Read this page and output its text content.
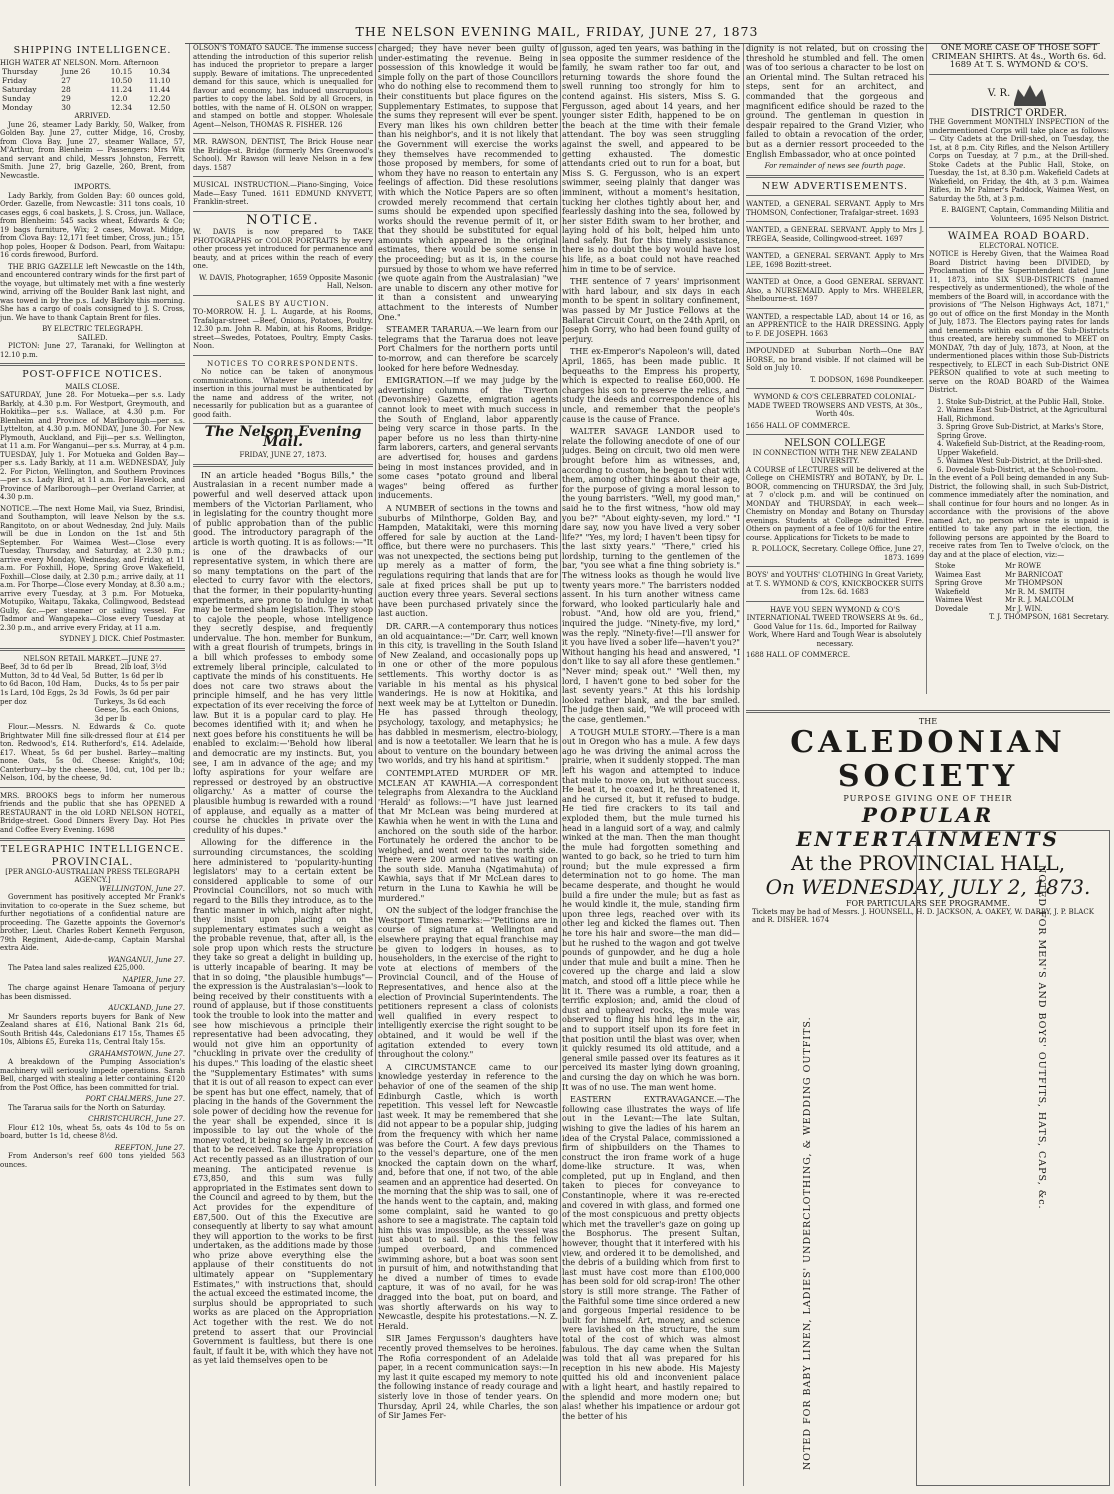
THE NELSON EVENING MAIL, FRIDAY, JUNE 27, 1873
SHIPPING INTELLIGENCE.
HIGH WATER AT NELSON. Morn. Afternoon
Thursday	June 26	10.15	10.34
Friday	27	10.50	11.10
Saturday	28	11.24	11.44
Sunday	29	12.0	12.20
Monday	30	12.34	12.50
ARRIVED.

June 26, steamer Lady Barkly, 50, Walker, from Golden Bay. June 27, cutter Midge, 16, Crosby, from Clova Bay. June 27, steamer Wallace, 57, M'Arthur, from Blenheim — Passengers: Mrs Wix and servant and child, Messrs Johnston, Ferrett, Smith. June 27, brig Gazelle, 260, Brent, from Newcastle.

IMPORTS.

Lady Barkly, from Golden Bay: 60 ounces gold, Order. Gazelle, from Newcastle: 311 tons coals, 10 cases eggs, 6 coal baskets, J. S. Cross, jun. Wallace, from Blenheim: 545 sacks wheat, Edwards & Co; 19 bags furniture, Wix; 2 cases, Mowat. Midge, from Clova Bay: 12,171 feet timber, Cross, jun.; 151 hop poles, Hooper & Dodson. Pearl, from Waitapu: 16 cords firewood, Burford.

THE BRIG GAZELLE left Newcastle on the 14th, and encountered contrary winds for the first part of the voyage, but ultimately met with a fine westerly wind, arriving off the Boulder Bank last night, and was towed in by the p.s. Lady Barkly this morning. She has a cargo of coals consigned to J. S. Cross, jun. We have to thank Captain Brent for files.

BY ELECTRIC TELEGRAPH.
SAILED.

PICTON: June 27, Taranaki, for Wellington at 12.10 p.m.

POST-OFFICE NOTICES.
MAILS CLOSE.

SATURDAY, June 28. For Motueka—per s.s. Lady Barkly, at 4.30 p.m. For Westport, Greymouth, and Hokitika—per s.s. Wallace, at 4.30 p.m. For Blenheim and Province of Marlborough—per s.s. Lyttelton, at 4.30 p.m. MONDAY, June 30. For New Plymouth, Auckland, and Fiji—per s.s. Wellington, at 11 a.m. For Wanganui—per s.s. Murray, at 4 p.m. TUESDAY, July 1. For Motueka and Golden Bay—per s.s. Lady Barkly, at 11 a.m. WEDNESDAY, July 2. For Picton, Wellington, and Southern Provinces —per s.s. Lady Bird, at 11 a.m. For Havelock, and Province of Marlborough—per Overland Carrier, at 4.30 p.m.

NOTICE.—The next Home Mail, via Suez, Brindisi, and Southampton, will leave Nelson by the s.s. Rangitoto, on or about Wednesday, 2nd July. Mails will be due in London on the 1st and 5th September. For Waimea West—Close every Tuesday, Thursday, and Saturday, at 2.30 p.m.; arrive every Monday, Wednesday, and Friday, at 11 a.m. For Foxhill, Hope, Spring Grove Wakefield, Foxhill—Close daily, at 2.30 p.m.; arrive daily, at 11 a.m. For Thorpe—Close every Monday, at 8.30 a.m.; arrive every Tuesday, at 3 p.m. For Motueka, Motupiko, Waitapu, Takaka, Collingwood, Bedstead Gully, &c.—per steamer or sailing vessel. For Tadmor and Wangapeka—Close every Tuesday at 2.30 p.m., and arrive every Friday, at 11 a.m.

SYDNEY J. DICK. Chief Postmaster.
NELSON RETAIL MARKET.—JUNE 27.
Beef, 3d to 6d per lb Mutton, 3d to 4d Veal, 5d to 6d Bacon, 10d Ham, 1s Lard, 10d Eggs, 2s 3d per doz
Bread, 2lb loaf, 3½d Butter, 1s 6d per lb Ducks, 4s to 5s per pair Fowls, 3s 6d per pair Turkeys, 3s 6d each Geese, 5s. each Onions, 3d per lb

Flour.—Messrs. N. Edwards & Co. quote Brightwater Mill fine silk-dressed flour at £14 per ton. Redwood's, £14. Rutherford's, £14. Adelaide, £17. Wheat, 5s 6d per bushel. Barley—malting none. Oats, 5s 0d. Cheese: Knight's, 10d; Canterbury—by the cheese, 10d, cut, 10d per lb.; Nelson, 10d, by the cheese, 9d.

MRS. BROOKS begs to inform her numerous friends and the public that she has OPENED A RESTAURANT in the old LORD NELSON HOTEL, Bridge-street. Good Dinners Every Day. Hot Pies and Coffee Every Evening. 1698

TELEGRAPHIC INTELLIGENCE.
PROVINCIAL.
[PER ANGLO-AUSTRALIAN PRESS TELEGRAPH AGENCY.]
WELLINGTON, June 27.

Government has positively accepted Mr Frank's invitation to co-operate in the Suez scheme, but further negotiations of a confidential nature are proceeding. The Gazette appoints the Governor's brother, Lieut. Charles Robert Kenneth Ferguson, 79th Regiment, Aide-de-camp, Captain Marshal extra Aide.

WANGANUI, June 27.

The Patea land sales realized £25,000.

NAPIER, June 27.

The charge against Henare Tamoana of perjury has been dismissed.

AUCKLAND, June 27.

Mr Saunders reports buyers for Bank of New Zealand shares at £16, National Bank 21s 6d, South British 44s, Caledonians £17 15s, Thames £5 10s, Albions £5, Eureka 11s, Central Italy 15s.

GRAHAMSTOWN, June 27.

A breakdown of the Pumping Association's machinery will seriously impede operations. Sarah Bell, charged with stealing a letter containing £120 from the Post Office, has been committed for trial.

PORT CHALMERS, June 27.

The Tararua sails for the North on Saturday.

CHRISTCHURCH, June 27.

Flour £12 10s, wheat 5s, oats 4s 10d to 5s on board, butter 1s 1d, cheese 8½d.

REEFTON, June 27.

From Anderson's reef 600 tons yielded 563 ounces.

OLSON'S TOMATO SAUCE. The immense success attending the introduction of this superior relish has induced the proprietor to prepare a larger supply. Beware of imitations. The unprecedented demand for this sauce, which is unequalled for flavour and economy, has induced unscrupulous parties to copy the label. Sold by all Grocers, in bottles, with the name of H. OLSON on wrapper, and stamped on bottle and stopper. Wholesale Agent—Nelson, THOMAS R. FISHER. 126

MR. RAWSON, DENTIST, The Brick House near the Bridge-st. Bridge (formerly Mrs Greenwood's School). Mr Rawson will leave Nelson in a few days. 1587

MUSICAL INSTRUCTION.—Piano-Singing, Voice Made—Easy Tuned. 1611 EDMUND KNYVETT, Franklin-street.

NOTICE.

W. DAVIS is now prepared to TAKE PHOTOGRAPHS or COLOR PORTRAITS by every other process yet introduced for permanence and beauty, and at prices within the reach of every one.

W. DAVIS, Photographer, 1659 Opposite Masonic Hall, Nelson.
SALES BY AUCTION.

TO-MORROW. H. J. L. Augarde, at his Rooms, Trafalgar-street —Beef, Onions, Potatoes, Poultry. 12.30 p.m. John R. Mabin, at his Rooms, Bridge-street—Swedes, Potatoes, Poultry, Empty Casks. Noon.

NOTICES TO CORRESPONDENTS.

No notice can be taken of anonymous communications. Whatever is intended for insertion in this journal must be authenticated by the name and address of the writer, not necessarily for publication but as a guarantee of good faith.

The Nelson Evening Mail.
FRIDAY, JUNE 27, 1873.

IN an article headed "Bogus Bills," the Australasian in a recent number made a powerful and well deserved attack upon members of the Victorian Parliament, who in legislating for the country thought more of public approbation than of the public good. The introductory paragraph of the article is worth quoting. It is as follows:—"It is one of the drawbacks of our representative system, in which there are so many temptations on the part of the elected to curry favor with the electors, that the former, in their popularity-hunting experiments, are prone to indulge in what may be termed sham legislation. They stoop to cajole the people, whose intelligence they secretly despise, and frequently undervalue. The hon. member for Bunkum, with a great flourish of trumpets, brings in a bill which professes to embody some extremely liberal principle, calculated to captivate the minds of his constituents. He does not care two straws about the principle himself, and he has very little expectation of its ever receiving the force of law. But it is a popular card to play. He becomes identified with it; and when he next goes before his constituents he will be enabled to exclaim:—'Behold how liberal and democratic are my instincts. But, you see, I am in advance of the age; and my lofty aspirations for your welfare are repressed or destroyed by an obstructive oligarchy.' As a matter of course the plausible humbug is rewarded with a round of applause, and equally as a matter of course he chuckles in private over the credulity of his dupes."

Allowing for the difference in the surrounding circumstances, the scolding here administered to 'popularity-hunting legislators' may to a certain extent be considered applicable to some of our Provincial Councillors, not so much with regard to the Bills they introduce, as to the frantic manner in which, night after night, they insist upon placing on the supplementary estimates such a weight as the probable revenue, that, after all, is the sole prop upon which rests the structure they take so great a delight in building up, is utterly incapable of bearing. It may be that in so doing, "the plausible humbugs"—the expression is the Australasian's—look to being received by their constituents with a round of applause, but if those constituents took the trouble to look into the matter and see how mischievous a principle their representative had been advocating, they would not give him an opportunity of "chuckling in private over the credulity of his dupes." This loading of the elastic sheet the "Supplementary Estimates" with sums that it is out of all reason to expect can ever be spent has but one effect, namely, that of placing in the hands of the Government the sole power of deciding how the revenue for the year shall be expended, since it is impossible to lay out the whole of the money voted, it being so largely in excess of that to be received. Take the Appropriation Act recently passed as an illustration of our meaning. The anticipated revenue is £73,850, and this sum was fully appropriated in the Estimates sent down to the Council and agreed to by them, but the Act provides for the expenditure of £87,500. Out of this the Executive are consequently at liberty to say what amount they will apportion to the works to be first undertaken, as the additions made by those who prize above everything else the applause of their constituents do not ultimately appear on "Supplementary Estimates," with instructions that, should the actual exceed the estimated income, the surplus should be appropriated to such works as are placed on the Appropriation Act together with the rest. We do not pretend to assert that our Provincial Government is faultless, but there is one fault, if fault it be, with which they have not as yet laid themselves open to be

charged; they have never been guilty of under-estimating the revenue. Being in possession of this knowledge it would be simple folly on the part of those Councillors who do nothing else to recommend them to their constituents but place figures on the Supplementary Estimates, to suppose that the sums they represent will ever be spent. Every man likes his own children better than his neighbor's, and it is not likely that the Government will exercise the works they themselves have recommended to those proposed by members, for some of whom they have no reason to entertain any feelings of affection. Did these resolutions with which the Notice Papers are so often crowded merely recommend that certain sums should be expended upon specified works should the revenue permit of it, or that they should be substituted for equal amounts which appeared in the original estimates, there would be some sense in the proceeding; but as it is, in the course pursued by those to whom we have referred (we quote again from the Australasian) "we are unable to discern any other motive for it than a consistent and unwearying attachment to the interests of Number One."

STEAMER TARARUA.—We learn from our telegrams that the Tararua does not leave Port Chalmers for the northern ports until to-morrow, and can therefore be scarcely looked for here before Wednesday.

EMIGRATION.—If we may judge by the advertising columns of the Tiverton (Devonshire) Gazette, emigration agents cannot look to meet with much success in the South of England, labor apparently being very scarce in those parts. In the paper before us no less than thirty-nine farm laborers, carters, and general servants are advertised for, houses and gardens being in most instances provided, and in some cases "potato ground and liberal wages" being offered as further inducements.

A NUMBER of sections in the towns and suburbs of Milnthorpe, Golden Bay, and Hampden, Matakitaki, were this morning offered for sale by auction at the Land-office, but there were no purchasers. This was not unexpected, the sections being put up merely as a matter of form, the regulations requiring that lands that are for sale at fixed prices shall be put up to auction every three years. Several sections have been purchased privately since the last auction.

DR. CARR.—A contemporary thus notices an old acquaintance:—"Dr. Carr, well known in this city, is travelling in the South Island of New Zealand, and occasionally pops up in one or other of the more populous settlements. This worthy doctor is as variable in his mental as his physical wanderings. He is now at Hokitika, and next week may be at Lyttelton or Dunedin. He has passed through theology, psychology, taxology, and metaphysics; he has dabbled in mesmerism, electro-biology, and is now a teetotaller. We learn that he is about to venture on the boundary between two worlds, and try his hand at spiritism."

CONTEMPLATED MURDER OF MR. MCLEAN AT KAWHIA.—A correspondent telegraphs from Alexandra to the Auckland 'Herald' as follows:—"I have just learned that Mr McLean was being murdered at Kawhia when he went in with the Luna and anchored on the south side of the harbor. Fortunately he ordered the anchor to be weighed, and went over to the north side. There were 200 armed natives waiting on the south side. Manuha (Ngatimahuta) of Kawhia, says that if Mr McLean dares to return in the Luna to Kawhia he will be murdered."

ON the subject of the lodger franchise the Westport Times remarks:—"Petitions are in course of signature at Wellington and elsewhere praying that equal franchise may be given to lodgers in houses, as to householders, in the exercise of the right to vote at elections of members of the Provincial Council, and of the House of Representatives, and hence also at the election of Provincial Superintendents. The petitioners represent a class of colonists well qualified in every respect to intelligently exercise the right sought to be obtained, and it would be well if the agitation extended to every town throughout the colony."

A CIRCUMSTANCE came to our knowledge yesterday in reference to the behavior of one of the seamen of the ship Edinburgh Castle, which is worth repetition. This vessel left for Newcastle last week. It may be remembered that she did not appear to be a popular ship, judging from the frequency with which her name was before the Court. A few days previous to the vessel's departure, one of the men knocked the captain down on the wharf, and, before that one, if not two, of the able seamen and an apprentice had deserted. On the morning that the ship was to sail, one of the hands went to the captain, and, making some complaint, said he wanted to go ashore to see a magistrate. The captain told him this was impossible, as the vessel was just about to sail. Upon this the fellow jumped overboard, and commenced swimming ashore, but a boat was soon sent in pursuit of him, and notwithstanding that he dived a number of times to evade capture, it was of no avail, for he was dragged into the boat, put on board, and was shortly afterwards on his way to Newcastle, despite his protestations.—N. Z. Herald.

SIR James Fergusson's daughters have recently proved themselves to be heroines. The Rofia correspondent of an Adelaide paper, in a recent communication says:—In my last it quite escaped my memory to note the following instance of ready courage and sisterly love in those of tender years. On Thursday, April 24, while Charles, the son of Sir James Fer-

gusson, aged ten years, was bathing in the sea opposite the summer residence of the family, he swam rather too far out, and returning towards the shore found the swell running too strongly for him to contend against. His sisters, Miss S. G. Fergusson, aged about 14 years, and her younger sister Edith, happened to be on the beach at the time with their female attendant. The boy was seen struggling against the swell, and appeared to be getting exhausted. The domestic attendants cried out to run for a boat, but Miss S. G. Fergusson, who is an expert swimmer, seeing plainly that danger was imminent, without a moment's hesitation, tucking her clothes tightly about her, and fearlessly dashing into the sea, followed by her sister Edith swam to her brother, and laying hold of his bolt, helped him unto land safely. But for this timely assistance, there is no doubt the boy would have lost his life, as a boat could not have reached him in time to be of service.

THE sentence of 7 years' imprisonment with hard labour, and six days in each month to be spent in solitary confinement, was passed by Mr Justice Fellows at the Ballarat Circuit Court, on the 24th April, on Joseph Gorry, who had been found guilty of perjury.

THE ex-Emperor's Napoleon's will, dated April, 1865, has been made public. It bequeaths to the Empress his property, which is expected to realise £60,000. He charges his son to preserve the relics, and study the deeds and correspondence of his uncle, and remember that the people's cause is the cause of France.

WALTER SAVAGE LANDOR used to relate the following anecdote of one of our judges. Being on circuit, two old men were brought before him as witnesses, and, according to custom, he began to chat with them, among other things about their age, for the purpose of giving a moral lesson to the young barristers. "Well, my good man," said he to the first witness, "how old may you be?" "About eighty-seven, my lord." "I dare say, now you have lived a very sober life?" "Yes, my lord; I haven't been tipsy for the last sixty years." "There," cried his lordship, turning to the gentlemen of the bar, "you see what a fine thing sobriety is." The witness looks as though he would live twenty years more." The barristers nodded assent. In his turn another witness came forward, who looked particularly hale and robust. "And, how old are you, friend," inquired the judge. "Ninety-five, my lord," was the reply. "Ninety-five!—I'll answer for it you have lived a sober life—haven't you?" Without hanging his head and answered, "I don't like to say all afore these gentlemen." "Never mind; speak out." "Well then, my lord, I haven't gone to bed sober for the last seventy years." At this his lordship looked rather blank, and the bar smiled. The judge then said, "We will proceed with the case, gentlemen."

A TOUGH MULE STORY.—There is a man out in Oregon who has a mule. A few days ago he was driving the animal across the prairie, when it suddenly stopped. The man left his wagon and attempted to induce that mule to move on, but without success. He beat it, he coaxed it, he threatened it, and he cursed it, but it refused to budge. He tied fire crackers to its tail and exploded them, but the mule turned his head in a languid sort of a way, and calmly winked at the man. Then the man thought the mule had forgotten something and wanted to go back, so he tried to turn him round; but the mule expressed a firm determination not to go home. The man became desperate, and thought he would build a fire under the mule; but as fast as he would kindle it, the mule, standing firm upon three legs, reached over with its other leg and kicked the flames out. Then he tore his hair and swore—the man did—but he rushed to the wagon and got twelve pounds of gunpowder, and he dug a hole under that mule and built a mine. Then he covered up the charge and laid a slow match, and stood off a little piece while he lit it. There was a rumble, a roar, then a terrific explosion; and, amid the cloud of dust and upheaved rocks, the mule was observed to fling his hind legs in the air, and to support itself upon its fore feet in that position until the blast was over, when it quickly resumed its old attitude, and a general smile passed over its features as it perceived its master lying down groaning, and cursing the day on which he was born. It was of no use. The man went home.

EASTERN EXTRAVAGANCE.—The following case illustrates the ways of life out in the Levant:—The late Sultan, wishing to give the ladies of his harem an idea of the Crystal Palace, commissioned a firm of shipbuilders on the Thames to construct the iron frame work of a huge dome-like structure. It was, when completed, put up in England, and then taken to pieces for conveyance to Constantinople, where it was re-erected and covered in with glass, and formed one of the most conspicuous and pretty objects which met the traveller's gaze on going up the Bosphorus. The present Sultan, however, thought that it interfered with his view, and ordered it to be demolished, and the debris of a building which from first to last must have cost more than £100,000 has been sold for old scrap-iron! The other story is still more strange. The Father of the Faithful some time since ordered a new and gorgeous Imperial residence to be built for himself. Art, money, and science were lavished on the structure, the sum total of the cost of which was almost fabulous. The day came when the Sultan was told that all was prepared for his reception in his new abode. His Majesty quitted his old and inconvenient palace with a light heart, and hastily repaired to the splendid and more modern one; but alas! whether his impatience or ardour got the better of his

dignity is not related, but on crossing the threshold he stumbled and fell. The omen was of too serious a character to be lost on an Oriental mind. The Sultan retraced his steps, sent for an architect, and commanded that the gorgeous and magnificent edifice should be razed to the ground. The gentleman in question in despair repaired to the Grand Vizier, who failed to obtain a revocation of the order, but as a dernier ressort proceeded to the English Embassador, who at once pointed

For remainder of news see fourth page.
NEW ADVERTISEMENTS.

WANTED, a GENERAL SERVANT. Apply to Mrs THOMSON, Confectioner, Trafalgar-street. 1693

WANTED, a GENERAL SERVANT. Apply to Mrs J. TREGEA, Seaside, Collingwood-street. 1697

WANTED, a GENERAL SERVANT. Apply to Mrs LEE, 1698 Bozitt-street.

WANTED at Once, a Good GENERAL SERVANT. Also, a NURSEMAID. Apply to Mrs. WHEELER, Shelbourne-st. 1697

WANTED, a respectable LAD, about 14 or 16, as an APPRENTICE to the HAIR DRESSING. Apply to F. DE JOSEPH. 1663

IMPOUNDED at Suburban North—One BAY HORSE, no brand visible. If not claimed will be Sold on July 10.

T. DODSON, 1698 Poundkeeper.

WYMOND & CO'S CELEBRATED COLONIAL-MADE TWEED TROWSERS AND VESTS, At 30s., Worth 40s.

1656 HALL OF COMMERCE.
NELSON COLLEGE
IN CONNECTION WITH THE NEW ZEALAND UNIVERSITY.

A COURSE of LECTURES will be delivered at the College on CHEMISTRY and BOTANY, by Dr. L. BOOR, commencing on THURSDAY, the 3rd July, at 7 o'clock p.m. and will be continued on MONDAY and THURSDAY, in each week—Chemistry on Monday and Botany on Thursday evenings. Students at College admitted Free. Others on payment of a fee of 10/6 for the entire course. Applications for Tickets to be made to

R. POLLOCK, Secretary. College Office, June 27, 1873. 1699

BOYS' and YOUTHS' CLOTHING In Great Variety, at T. S. WYMOND & CO'S, KNICKBOCKER SUITS from 12s. 6d. 1683

HAVE YOU SEEN WYMOND & CO'S INTERNATIONAL TWEED TROWSERS At 9s. 6d., Good Value for 11s. 6d., Imported for Railway Work, Where Hard and Tough Wear is absolutely necessary.

1688 HALL OF COMMERCE.

ONE MORE CASE OF THOSE SOFT CRIMEAN SHIRTS. At 4s., Worth 6s. 6d. 1689 At T. S. WYMOND & CO'S.

V. R.
DISTRICT ORDER.

THE Government MONTHLY INSPECTION of the undermentioned Corps will take place as follows:— City Cadets at the Drill-shed, on Tuesday, the 1st, at 8 p.m. City Rifles, and the Nelson Artillery Corps on Tuesday, at 7 p.m., at the Drill-shed. Stoke Cadets at the Public Hall, Stoke, on Tuesday, the 1st, at 8.30 p.m. Wakefield Cadets at Wakefield, on Friday, the 4th, at 3 p.m. Waimea Rifles, in Mr Palmer's Paddock, Waimea West, on Saturday the 5th, at 3 p.m.

E. BAIGENT, Captain, Commanding Militia and Volunteers, 1695 Nelson District.
WAIMEA ROAD BOARD.
ELECTORAL NOTICE.

NOTICE is Hereby Given, that the Waimea Road Board District having been DIVIDED, by Proclamation of the Superintendent dated June 11, 1873, into SIX SUB-DISTRICTS (named respectively as undermentioned), the whole of the members of the Board will, in accordance with the provisions of "The Nelson Highways Act, 1871," go out of office on the first Monday in the Month of July, 1873. The Electors paying rates for lands and tenements within each of the Sub-Districts thus created, are hereby summoned to MEET on MONDAY, 7th day of July, 1873, at Noon, at the undermentioned places within those Sub-Districts respectively, to ELECT in each Sub-District ONE PERSON qualified to vote at such meeting to serve on the ROAD BOARD of the Waimea District.

1. Stoke Sub-District, at the Public Hall, Stoke.
2. Waimea East Sub-District, at the Agricultural Hall, Richmond.
3. Spring Grove Sub-District, at Marks's Store, Spring Grove.
4. Wakefield Sub-District, at the Reading-room, Upper Wakefield.
5. Waimea West Sub-District, at the Drill-shed.
6. Dovedale Sub-District, at the School-room.

In the event of a Poll being demanded in any Sub-District, the following shall, in such Sub-District, commence immediately after the nomination, and shall continue for four hours and no longer. As in accordance with the provisions of the above named Act, no person whose rate is unpaid is entitled to take any part in the election, the following persons are appointed by the Board to receive rates from Ten to Twelve o'clock, on the day and at the place of election, viz:—

Stoke	Mr ROWE
Waimea East	Mr BARNICOAT
Spring Grove	Mr THOMPSON
Wakefield	Mr R. M. SMITH
Waimea West	Mr R. J. MALCOLM
Dovedale	Mr J. WIN.
T. J. THOMPSON, 1681 Secretary.
THE
CALEDONIAN SOCIETY
PURPOSE GIVING ONE OF THEIR
POPULAR ENTERTAINMENTS
At the PROVINCIAL HALL,
On WEDNESDAY, JULY 2, 1873.
FOR PARTICULARS SEE PROGRAMME.
Tickets may be had of Messrs. J. HOUNSELL, H. D. JACKSON, A. OAKEY, W. DARBY, J. P. BLACK and R. DISHER. 1674
NOTED FOR BABY LINEN, LADIES' UNDERCLOTHING, & WEDDING OUTFITS.	NOTED FOR MEN'S AND BOYS' OUTFITS, HATS, CAPS, &c.
